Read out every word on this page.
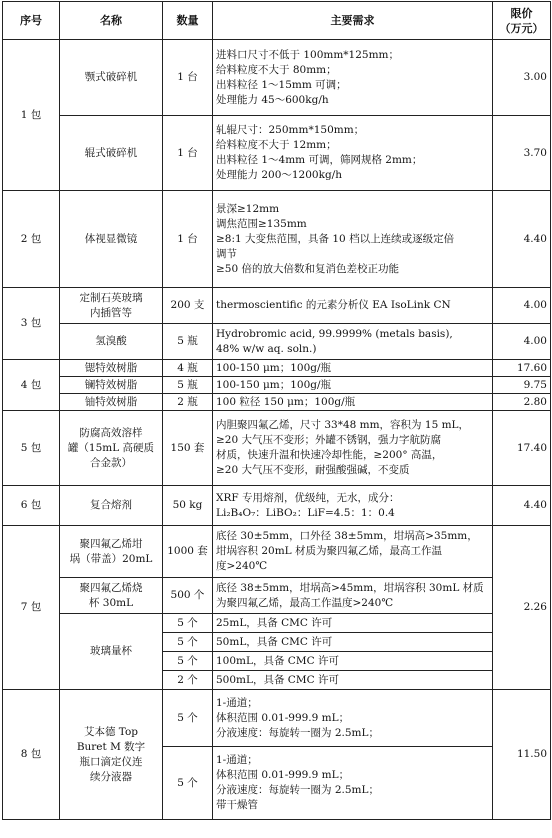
序号	名称	数量	主要需求	限价
（万元）

1 包	颚式破碎机	1 台	进料口尺寸不低于 100mm*125mm；
给料粒度不大于 80mm；
出料粒径 1～15mm 可调；
处理能力 45～600kg/h	3.00
	辊式破碎机	1 台	轧辊尺寸：250mm*150mm；
给料粒度不大于 12mm；
出料粒径 1～4mm 可调，筛网规格 2mm；
处理能力 200～1200kg/h	3.70
2 包	体视显微镜	1 台	景深≥12mm
调焦范围≥135mm
≥8:1 大变焦范围，具备 10 档以上连续或逐级定倍
调节
≥50 倍的放大倍数和复消色差校正功能	4.40
3 包	定制石英玻璃
内插管等	200 支	thermoscientific 的元素分析仪 EA IsoLink CN	4.00
	氢溴酸	5 瓶	Hydrobromic acid, 99.9999% (metals basis),
48% w/w aq. soln.)	4.00
4 包	锶特效树脂	4 瓶	100-150 μm；100g/瓶	17.60
	镧特效树脂	5 瓶	100-150 μm；100g/瓶	9.75
	铀特效树脂	2 瓶	100 粒径 150 μm；100g/瓶	2.80
5 包	防腐高效溶样
罐（15mL 高硬质
合金款）	150 套	内胆聚四氟乙烯，尺寸 33*48 mm，容积为 15 mL，
≥20 大气压不变形；外罐不锈钢，强力字航防腐
材质，快速升温和快速冷却性能，≥200° 高温，
≥20 大气压不变形，耐强酸强碱，不变质	17.40
6 包	复合熔剂	50 kg	XRF 专用熔剂，优级纯，无水，成分：
Li₂B₄O₇：LiBO₂：LiF=4.5：1：0.4	4.40
7 包	聚四氟乙烯坩
埚（带盖）20mL	1000 套	底径 30±5mm，口外径 38±5mm，坩埚高>35mm，
坩埚容积 20mL 材质为聚四氟乙烯，最高工作温
度>240℃	2.26

	聚四氟乙烯烧
杯 30mL	500 个	底径 38±5mm，坩埚高>45mm，坩埚容积 30mL 材质
为聚四氟乙烯，最高工作温度>240℃	

	玻璃量杯	5 个	25mL，具备 CMC 许可	
		5 个	50mL，具备 CMC 许可	
		5 个	100mL，具备 CMC 许可	
		2 个	500mL，具备 CMC 许可	
8 包	艾本德 Top
Buret M 数字
瓶口滴定仪连
续分液器	5 个	1-通道；
体积范围 0.01-999.9 mL；
分液速度：每旋转一圈为 2.5mL；	11.50
		5 个	1-通道；
体积范围 0.01-999.9 mL；
分液速度：每旋转一圈为 2.5mL；
带干燥管	
